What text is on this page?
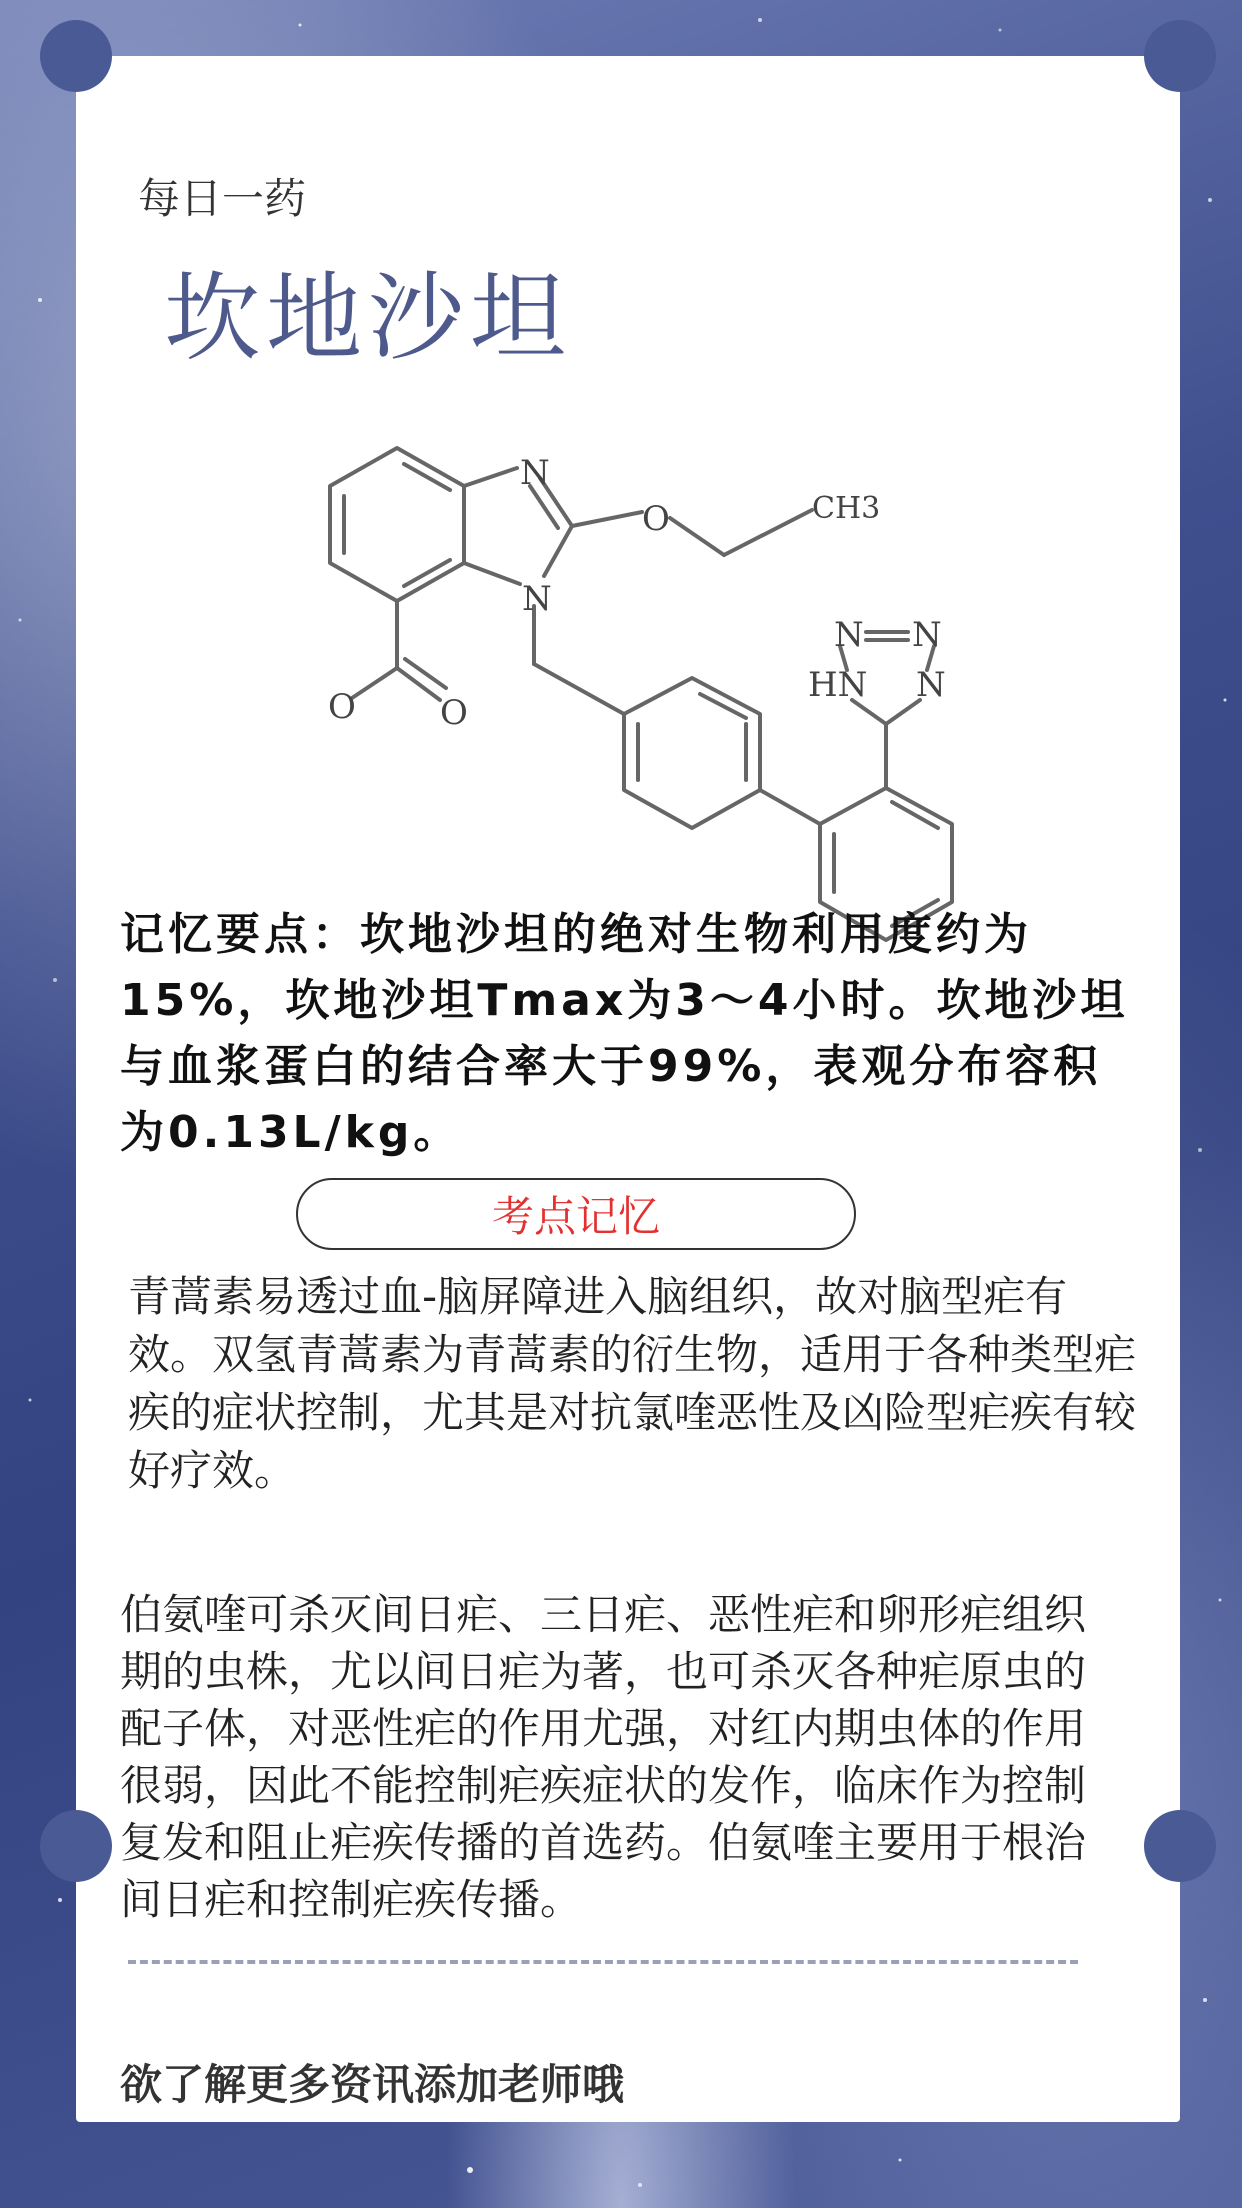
每日一药
坎地沙坦
N
N
O	CH3
O O
N N
HN N
记忆要点：坎地沙坦的绝对生物利用度约为15%，坎地沙坦Tmax为3～4小时。坎地沙坦与血浆蛋白的结合率大于99%，表观分布容积为0.13L/kg。
考点记忆
青蒿素易透过血-脑屏障进入脑组织，故对脑型疟有效。双氢青蒿素为青蒿素的衍生物，适用于各种类型疟疾的症状控制，尤其是对抗氯喹恶性及凶险型疟疾有较好疗效。
伯氨喹可杀灭间日疟、三日疟、恶性疟和卵形疟组织期的虫株，尤以间日疟为著，也可杀灭各种疟原虫的配子体，对恶性疟的作用尤强，对红内期虫体的作用很弱，因此不能控制疟疾症状的发作，临床作为控制复发和阻止疟疾传播的首选药。伯氨喹主要用于根治间日疟和控制疟疾传播。
欲了解更多资讯添加老师哦
